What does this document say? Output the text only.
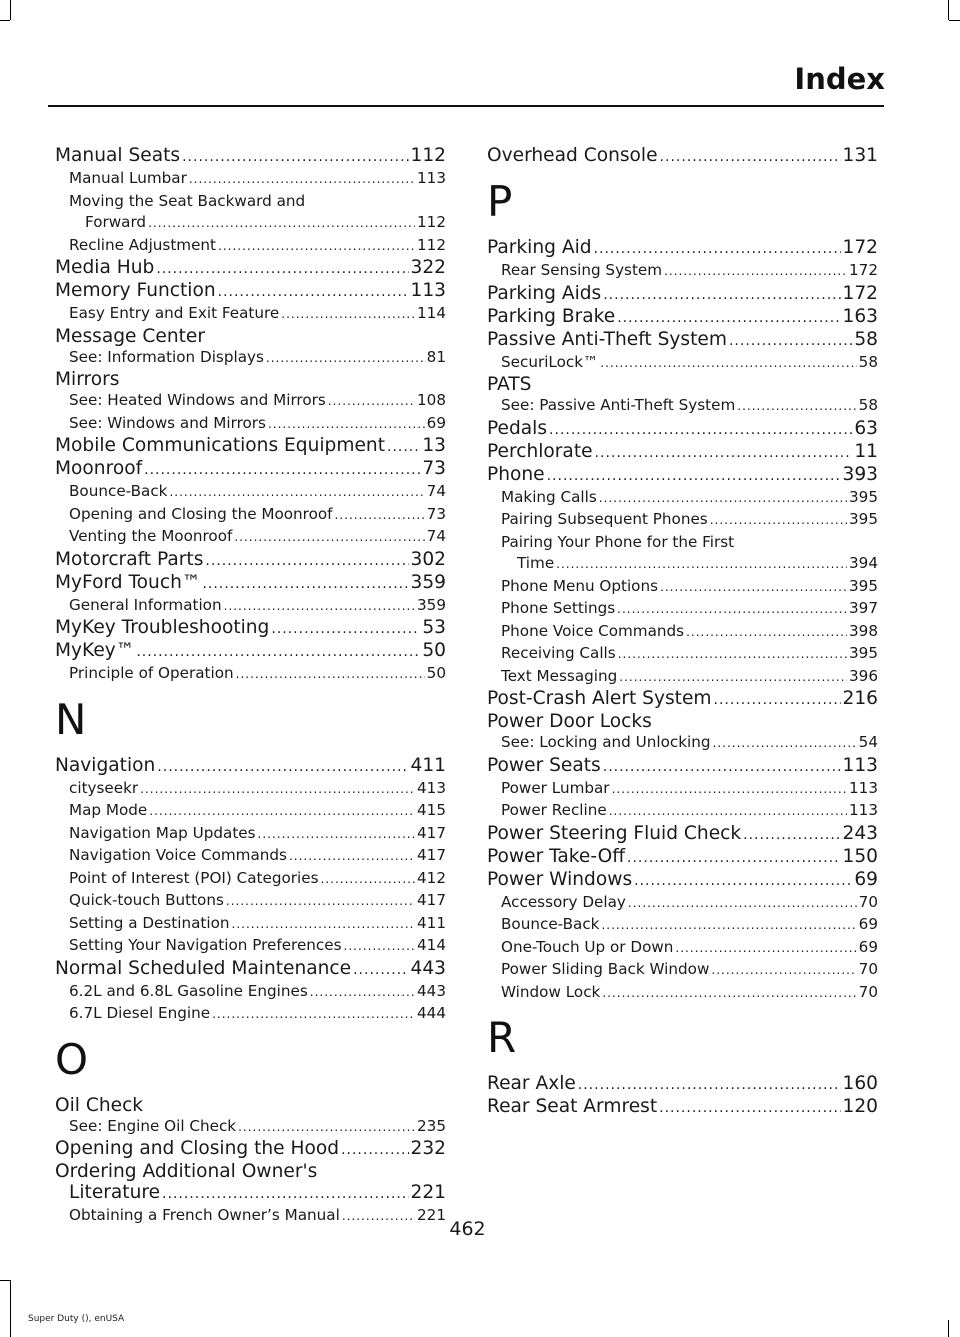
Index
Manual Seats .....	112
Manual Lumbar .....	113
Moving the Seat Backward and
Forward .....	112
Recline Adjustment .....	112
Media Hub .....	322
Memory Function .....	113
Easy Entry and Exit Feature .....	114
Message Center
See: Information Displays .....	81
Mirrors
See: Heated Windows and Mirrors .....	108
See: Windows and Mirrors .....	69
Mobile Communications Equipment ..... 13
Moonroof .....	73
Bounce-Back .....	74
Opening and Closing the Moonroof .....	73
Venting the Moonroof .....	74
Motorcraft Parts .....	302
MyFord Touch™ .....	359
General Information .....	359
MyKey Troubleshooting .....	53
MyKey™ .....	50
Principle of Operation .....	50
N
Navigation .....	411
cityseekr .....	413
Map Mode .....	415
Navigation Map Updates .....	417
Navigation Voice Commands .....	417
Point of Interest (POI) Categories .....	412
Quick-touch Buttons .....	417
Setting a Destination .....	411
Setting Your Navigation Preferences .....	414
Normal Scheduled Maintenance .....	443
6.2L and 6.8L Gasoline Engines .....	443
6.7L Diesel Engine .....	444
O
Oil Check
See: Engine Oil Check .....	235
Opening and Closing the Hood .....	232
Ordering Additional Owner's
Literature .....	221
Obtaining a French Owner’s Manual .....	221
Overhead Console .....	131
P
Parking Aid .....	172
Rear Sensing System .....	172
Parking Aids .....	172
Parking Brake .....	163
Passive Anti-Theft System .....	58
SecuriLock™ .....	58
PATS
See: Passive Anti-Theft System .....	58
Pedals .....	63
Perchlorate .....	11
Phone .....	393
Making Calls .....	395
Pairing Subsequent Phones .....	395
Pairing Your Phone for the First
Time .....	394
Phone Menu Options .....	395
Phone Settings .....	397
Phone Voice Commands .....	398
Receiving Calls .....	395
Text Messaging .....	396
Post-Crash Alert System .....	216
Power Door Locks
See: Locking and Unlocking .....	54
Power Seats .....	113
Power Lumbar .....	113
Power Recline .....	113
Power Steering Fluid Check .....	243
Power Take-Off .....	150
Power Windows .....	69
Accessory Delay .....	70
Bounce-Back .....	69
One-Touch Up or Down .....	69
Power Sliding Back Window .....	70
Window Lock .....	70
R
Rear Axle .....	160
Rear Seat Armrest .....	120
462
Super Duty (), enUSA
